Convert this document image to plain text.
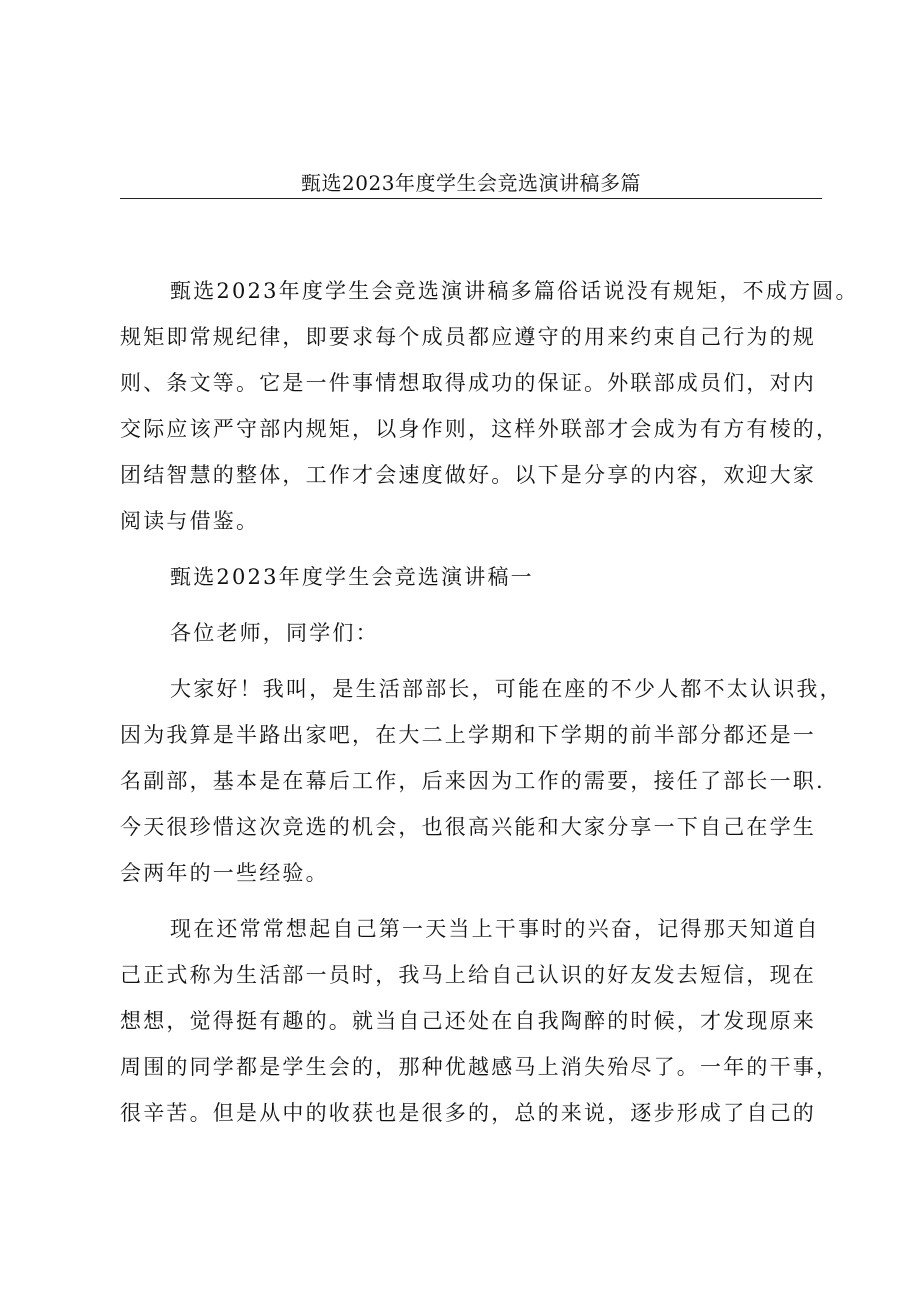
甄选2023年度学生会竞选演讲稿多篇
甄选2023年度学生会竞选演讲稿多篇俗话说没有规矩，不成方圆。
规矩即常规纪律，即要求每个成员都应遵守的用来约束自己行为的规
则、条文等。它是一件事情想取得成功的保证。外联部成员们，对内
交际应该严守部内规矩，以身作则，这样外联部才会成为有方有棱的，
团结智慧的整体，工作才会速度做好。以下是分享的内容，欢迎大家
阅读与借鉴。
甄选2023年度学生会竞选演讲稿一
各位老师，同学们：
大家好！我叫，是生活部部长，可能在座的不少人都不太认识我，
因为我算是半路出家吧，在大二上学期和下学期的前半部分都还是一
名副部，基本是在幕后工作，后来因为工作的需要，接任了部长一职.
今天很珍惜这次竞选的机会，也很高兴能和大家分享一下自己在学生
会两年的一些经验。
现在还常常想起自己第一天当上干事时的兴奋，记得那天知道自
己正式称为生活部一员时，我马上给自己认识的好友发去短信，现在
想想，觉得挺有趣的。就当自己还处在自我陶醉的时候，才发现原来
周围的同学都是学生会的，那种优越感马上消失殆尽了。一年的干事，
很辛苦。但是从中的收获也是很多的，总的来说，逐步形成了自己的
